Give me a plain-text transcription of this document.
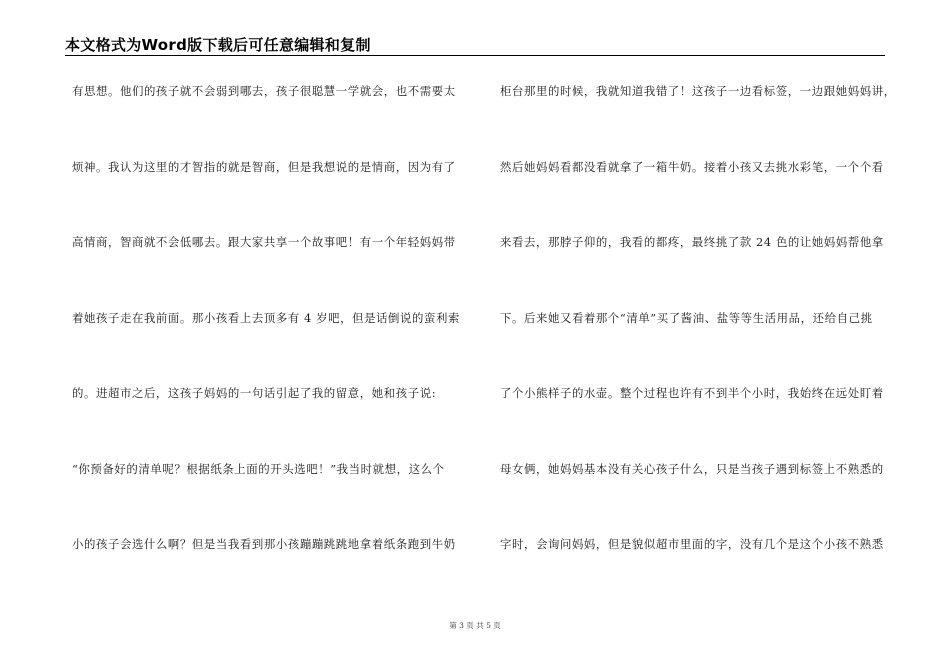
本文格式为Word版下载后可任意编辑和复制
有思想。他们的孩子就不会弱到哪去，孩子很聪慧一学就会，也不需要太
烦神。我认为这里的才智指的就是智商，但是我想说的是情商，因为有了
高情商，智商就不会低哪去。跟大家共享一个故事吧！有一个年轻妈妈带
着她孩子走在我前面。那小孩看上去顶多有 4 岁吧，但是话倒说的蛮利索
的。进超市之后，这孩子妈妈的一句话引起了我的留意，她和孩子说:
“你预备好的清单呢？根据纸条上面的开头选吧！”我当时就想，这么个
小的孩子会选什么啊？但是当我看到那小孩蹦蹦跳跳地拿着纸条跑到牛奶
柜台那里的时候，我就知道我错了！这孩子一边看标签，一边跟她妈妈讲，
然后她妈妈看都没看就拿了一箱牛奶。接着小孩又去挑水彩笔，一个个看
来看去，那脖子仰的，我看的都疼，最终挑了款 24 色的让她妈妈帮他拿
下。后来她又看着那个“清单”买了酱油、盐等等生活用品，还给自己挑
了个小熊样子的水壶。整个过程也许有不到半个小时，我始终在远处盯着
母女俩，她妈妈基本没有关心孩子什么，只是当孩子遇到标签上不熟悉的
字时，会询问妈妈，但是貌似超市里面的字，没有几个是这个小孩不熟悉
第 3 页 共 5 页
